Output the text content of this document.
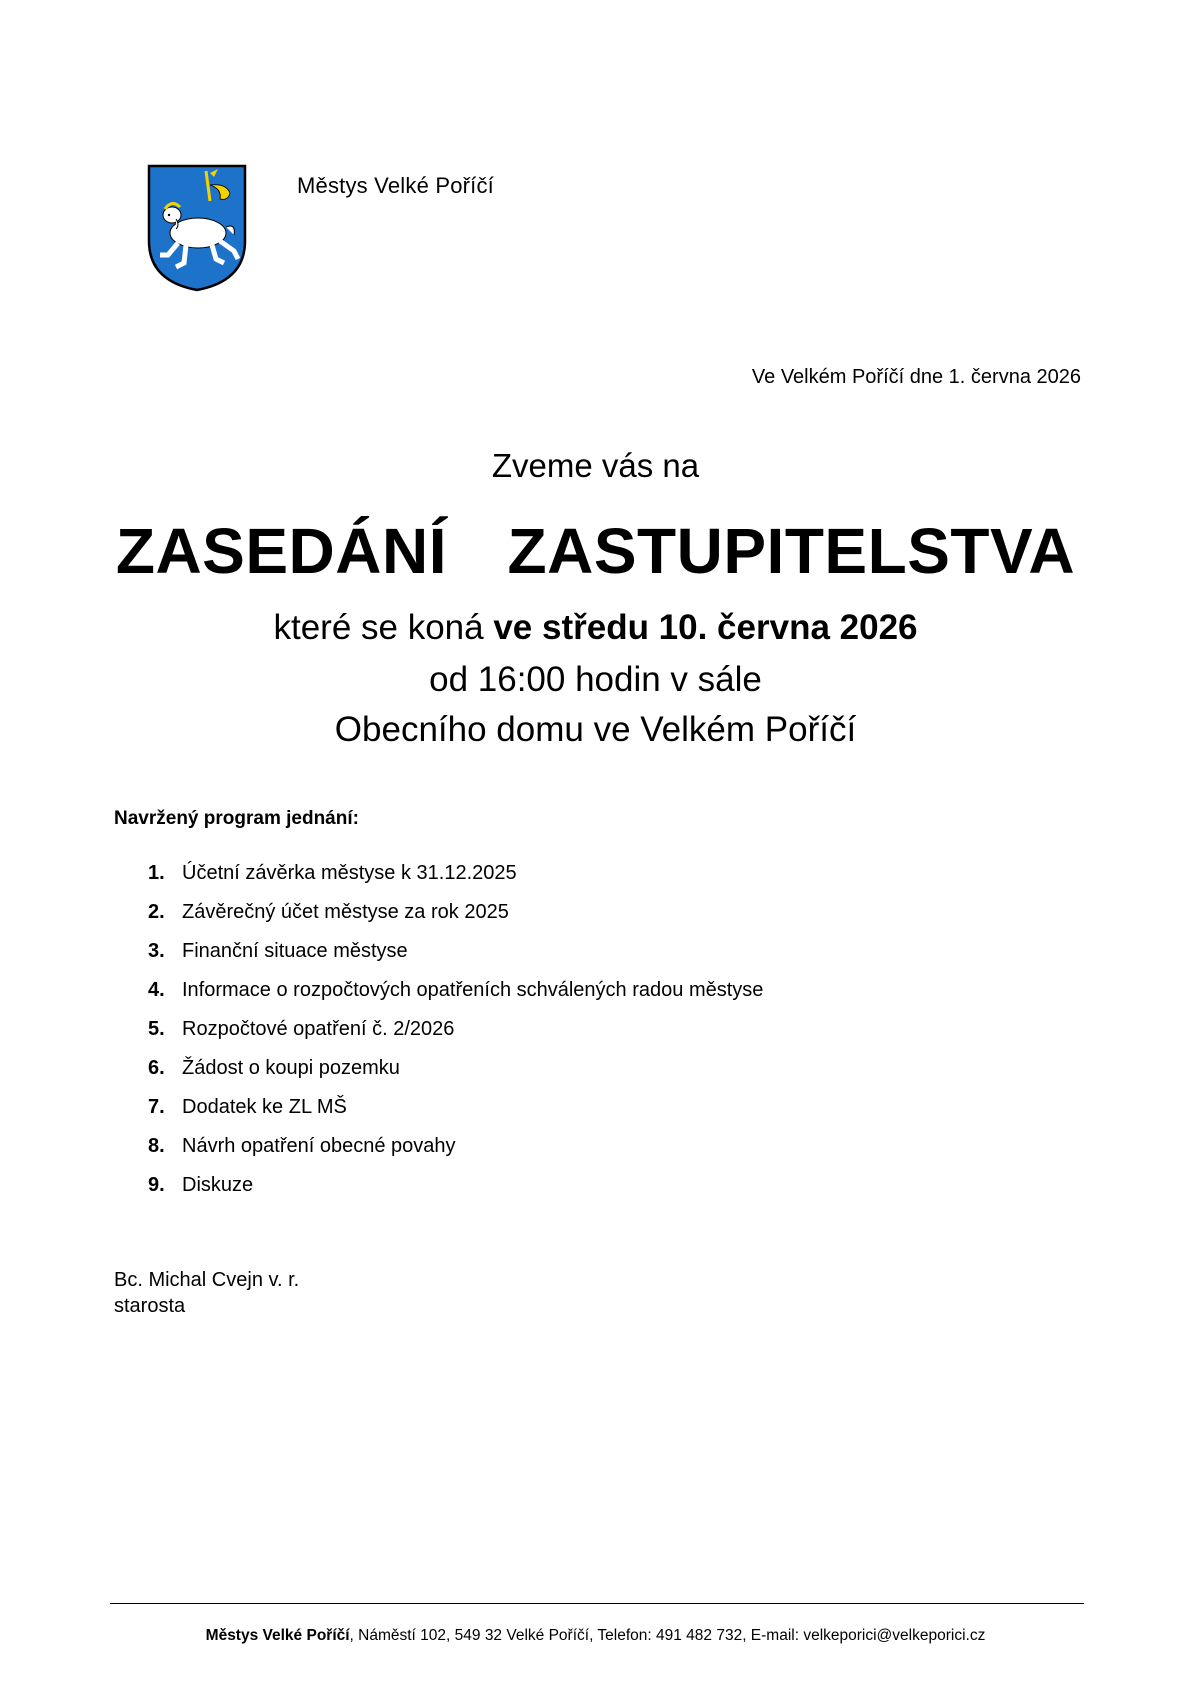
Městys Velké Poříčí
Ve Velkém Poříčí dne 1. června 2026
Zveme vás na
ZASEDÁNÍ  ZASTUPITELSTVA
které se koná ve středu 10. června 2026
od 16:00 hodin v sále
Obecního domu ve Velkém Poříčí
Navržený program jednání:
1. Účetní závěrka městyse k 31.12.2025
2. Závěrečný účet městyse za rok 2025
3. Finanční situace městyse
4. Informace o rozpočtových opatřeních schválených radou městyse
5. Rozpočtové opatření č. 2/2026
6. Žádost o koupi pozemku
7. Dodatek ke ZL MŠ
8. Návrh opatření obecné povahy
9. Diskuze
Bc. Michal Cvejn v. r.
starosta
Městys Velké Poříčí, Náměstí 102, 549 32 Velké Poříčí, Telefon: 491 482 732, E-mail: velkeporici@velkeporici.cz
